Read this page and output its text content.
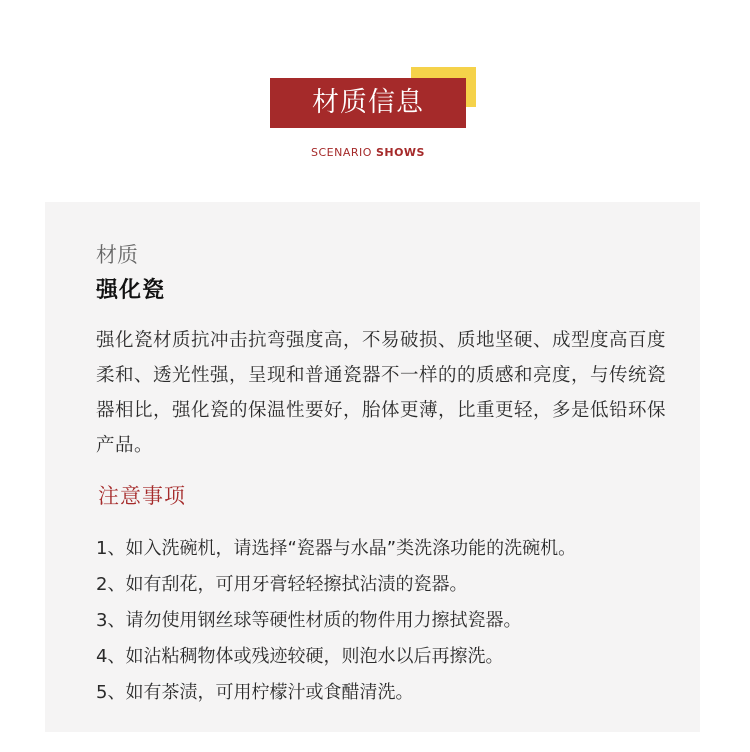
材质信息
SCENARIO SHOWS
材质
强化瓷
强化瓷材质抗冲击抗弯强度高，不易破损、质地坚硬、成型度高百度柔和、透光性强，呈现和普通瓷器不一样的的质感和亮度，与传统瓷器相比，强化瓷的保温性要好，胎体更薄，比重更轻，多是低铅环保产品。
注意事项
1、如入洗碗机，请选择“瓷器与水晶”类洗涤功能的洗碗机。
2、如有刮花，可用牙膏轻轻擦拭沾渍的瓷器。
3、请勿使用钢丝球等硬性材质的物件用力擦拭瓷器。
4、如沾粘稠物体或残迹较硬，则泡水以后再擦洗。
5、如有茶渍，可用柠檬汁或食醋清洗。
